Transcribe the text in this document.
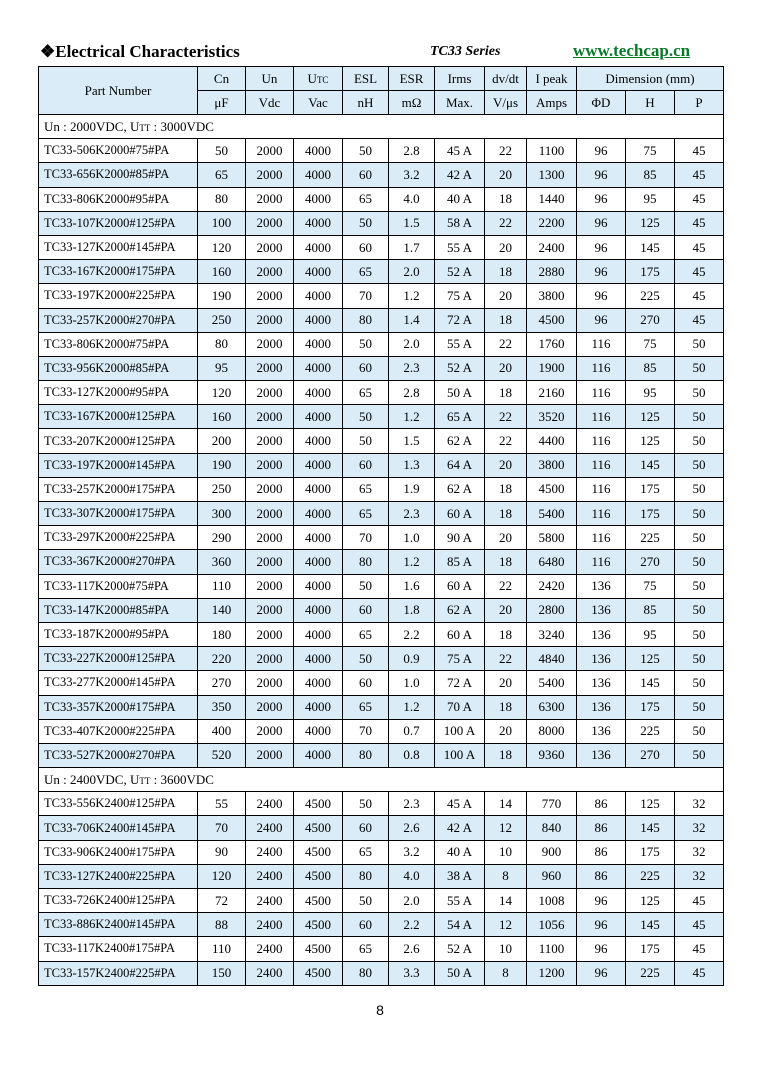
❖Electrical Characteristics	TC33 Series	www.techcap.cn
Part Number	Cn	Un	UTC	ESL	ESR	Irms	dv/dt	I peak	Dimension (mm)		
	μF	Vdc	Vac	nH	mΩ	Max.	V/μs	Amps	ΦD	H	P
Un : 2000VDC, UTT : 3000VDC											
TC33-506K2000#75#PA	50	2000	4000	50	2.8	45 A	22	1100	96	75	45
TC33-656K2000#85#PA	65	2000	4000	60	3.2	42 A	20	1300	96	85	45
TC33-806K2000#95#PA	80	2000	4000	65	4.0	40 A	18	1440	96	95	45
TC33-107K2000#125#PA	100	2000	4000	50	1.5	58 A	22	2200	96	125	45
TC33-127K2000#145#PA	120	2000	4000	60	1.7	55 A	20	2400	96	145	45
TC33-167K2000#175#PA	160	2000	4000	65	2.0	52 A	18	2880	96	175	45
TC33-197K2000#225#PA	190	2000	4000	70	1.2	75 A	20	3800	96	225	45
TC33-257K2000#270#PA	250	2000	4000	80	1.4	72 A	18	4500	96	270	45
TC33-806K2000#75#PA	80	2000	4000	50	2.0	55 A	22	1760	116	75	50
TC33-956K2000#85#PA	95	2000	4000	60	2.3	52 A	20	1900	116	85	50
TC33-127K2000#95#PA	120	2000	4000	65	2.8	50 A	18	2160	116	95	50
TC33-167K2000#125#PA	160	2000	4000	50	1.2	65 A	22	3520	116	125	50
TC33-207K2000#125#PA	200	2000	4000	50	1.5	62 A	22	4400	116	125	50
TC33-197K2000#145#PA	190	2000	4000	60	1.3	64 A	20	3800	116	145	50
TC33-257K2000#175#PA	250	2000	4000	65	1.9	62 A	18	4500	116	175	50
TC33-307K2000#175#PA	300	2000	4000	65	2.3	60 A	18	5400	116	175	50
TC33-297K2000#225#PA	290	2000	4000	70	1.0	90 A	20	5800	116	225	50
TC33-367K2000#270#PA	360	2000	4000	80	1.2	85 A	18	6480	116	270	50
TC33-117K2000#75#PA	110	2000	4000	50	1.6	60 A	22	2420	136	75	50
TC33-147K2000#85#PA	140	2000	4000	60	1.8	62 A	20	2800	136	85	50
TC33-187K2000#95#PA	180	2000	4000	65	2.2	60 A	18	3240	136	95	50
TC33-227K2000#125#PA	220	2000	4000	50	0.9	75 A	22	4840	136	125	50
TC33-277K2000#145#PA	270	2000	4000	60	1.0	72 A	20	5400	136	145	50
TC33-357K2000#175#PA	350	2000	4000	65	1.2	70 A	18	6300	136	175	50
TC33-407K2000#225#PA	400	2000	4000	70	0.7	100 A	20	8000	136	225	50
TC33-527K2000#270#PA	520	2000	4000	80	0.8	100 A	18	9360	136	270	50
Un : 2400VDC, UTT : 3600VDC											
TC33-556K2400#125#PA	55	2400	4500	50	2.3	45 A	14	770	86	125	32
TC33-706K2400#145#PA	70	2400	4500	60	2.6	42 A	12	840	86	145	32
TC33-906K2400#175#PA	90	2400	4500	65	3.2	40 A	10	900	86	175	32
TC33-127K2400#225#PA	120	2400	4500	80	4.0	38 A	8	960	86	225	32
TC33-726K2400#125#PA	72	2400	4500	50	2.0	55 A	14	1008	96	125	45
TC33-886K2400#145#PA	88	2400	4500	60	2.2	54 A	12	1056	96	145	45
TC33-117K2400#175#PA	110	2400	4500	65	2.6	52 A	10	1100	96	175	45
TC33-157K2400#225#PA	150	2400	4500	80	3.3	50 A	8	1200	96	225	45
8
